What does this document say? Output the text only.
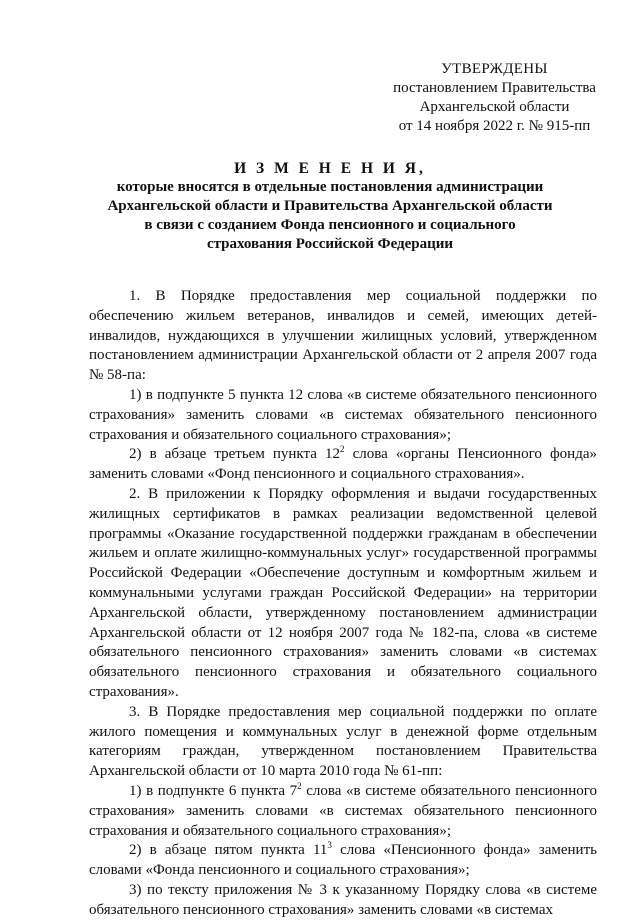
УТВЕРЖДЕНЫ
постановлением Правительства
Архангельской области
от 14 ноября 2022 г. № 915-пп
И З М Е Н Е Н И Я,
которые вносятся в отдельные постановления администрации
Архангельской области и Правительства Архангельской области
в связи с созданием Фонда пенсионного и социального
страхования Российской Федерации

1. В Порядке предоставления мер социальной поддержки по обеспечению жильем ветеранов, инвалидов и семей, имеющих детей-инвалидов, нуждающихся в улучшении жилищных условий, утвержденном постановлением администрации Архангельской области от 2 апреля 2007 года № 58-па:

1) в подпункте 5 пункта 12 слова «в системе обязательного пенсионного страхования» заменить словами «в системах обязательного пенсионного страхования и обязательного социального страхования»;

2) в абзаце третьем пункта $12^2$ слова «органы Пенсионного фонда» заменить словами «Фонд пенсионного и социального страхования».

2. В приложении к Порядку оформления и выдачи государственных жилищных сертификатов в рамках реализации ведомственной целевой программы «Оказание государственной поддержки гражданам в обеспечении жильем и оплате жилищно-коммунальных услуг» государственной программы Российской Федерации «Обеспечение доступным и комфортным жильем и коммунальными услугами граждан Российской Федерации» на территории Архангельской области, утвержденному постановлением администрации Архангельской области от 12 ноября 2007 года № 182-па, слова «в системе обязательного пенсионного страхования» заменить словами «в системах обязательного пенсионного страхования и обязательного социального страхования».

3. В Порядке предоставления мер социальной поддержки по оплате жилого помещения и коммунальных услуг в денежной форме отдельным категориям граждан, утвержденном постановлением Правительства Архангельской области от 10 марта 2010 года № 61-пп:

1) в подпункте 6 пункта $7^2$ слова «в системе обязательного пенсионного страхования» заменить словами «в системах обязательного пенсионного страхования и обязательного социального страхования»;

2) в абзаце пятом пункта $11^3$ слова «Пенсионного фонда» заменить словами «Фонда пенсионного и социального страхования»;

3) по тексту приложения № 3 к указанному Порядку слова «в системе обязательного пенсионного страхования» заменить словами «в системах
